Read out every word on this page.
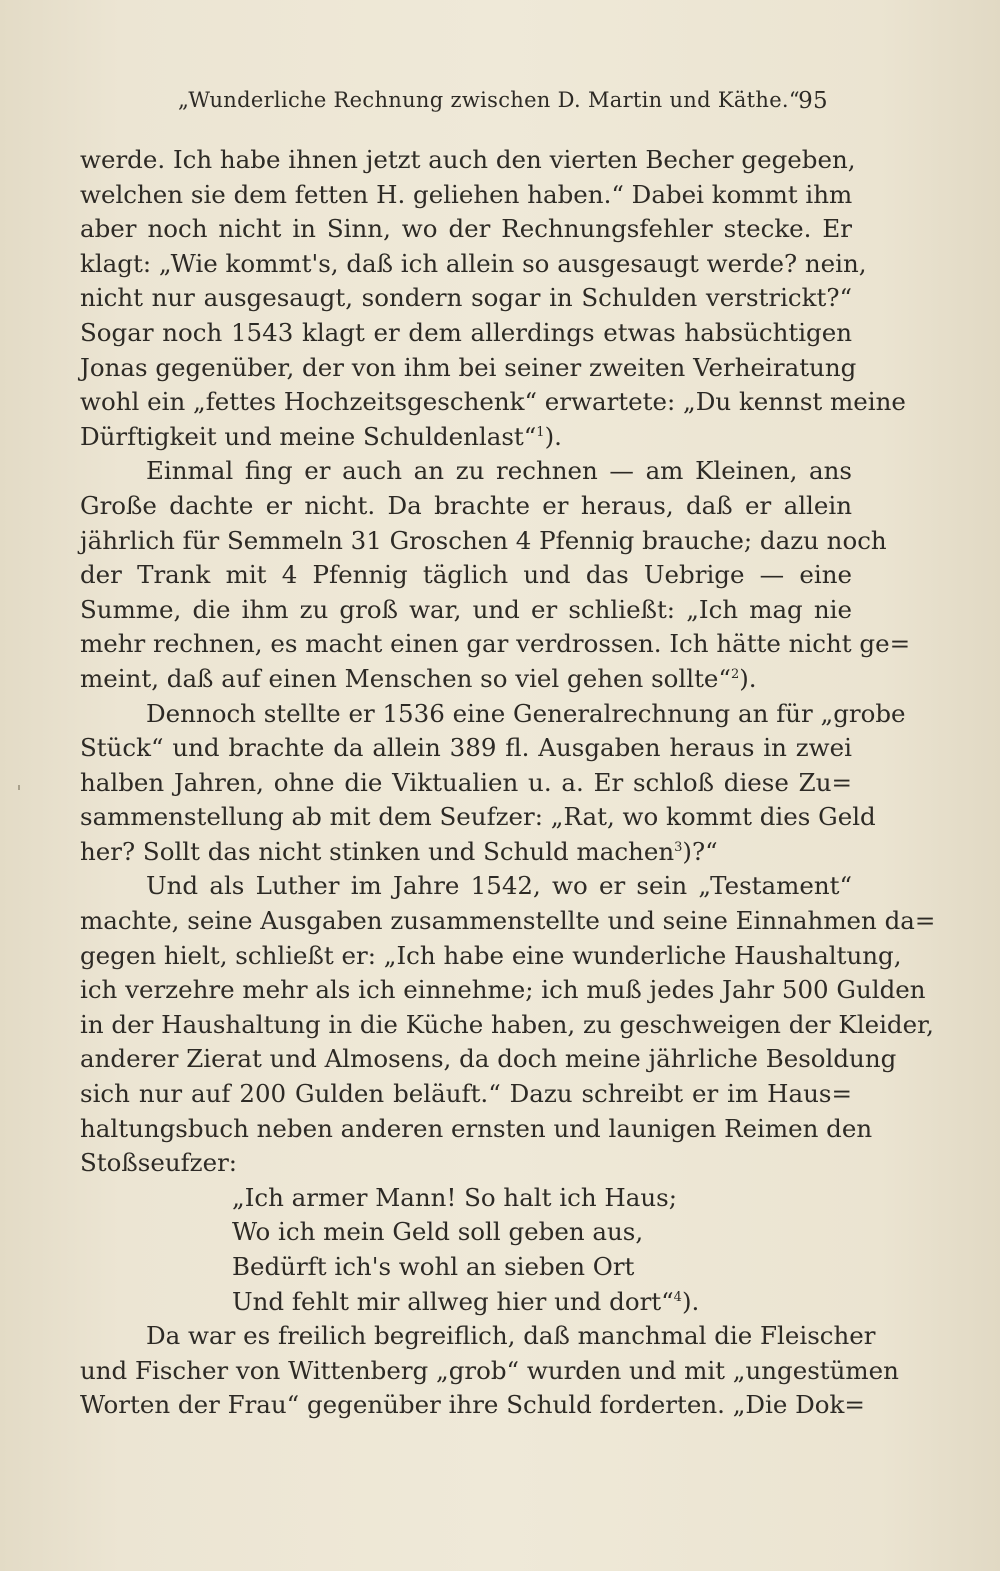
„Wunderliche Rechnung zwischen D. Martin und Käthe.“
95
werde. Ich habe ihnen jetzt auch den vierten Becher gegeben,
welchen sie dem fetten H. geliehen haben.“ Dabei kommt ihm
aber noch nicht in Sinn, wo der Rechnungsfehler stecke. Er
klagt: „Wie kommt's, daß ich allein so ausgesaugt werde? nein,
nicht nur ausgesaugt, sondern sogar in Schulden verstrickt?“
Sogar noch 1543 klagt er dem allerdings etwas habsüchtigen
Jonas gegenüber, der von ihm bei seiner zweiten Verheiratung
wohl ein „fettes Hochzeitsgeschenk“ erwartete: „Du kennst meine
Dürftigkeit und meine Schuldenlast“$^1$).
Einmal fing er auch an zu rechnen — am Kleinen, ans
Große dachte er nicht. Da brachte er heraus, daß er allein
jährlich für Semmeln 31 Groschen 4 Pfennig brauche; dazu noch
der Trank mit 4 Pfennig täglich und das Uebrige — eine
Summe, die ihm zu groß war, und er schließt: „Ich mag nie
mehr rechnen, es macht einen gar verdrossen. Ich hätte nicht ge=
meint, daß auf einen Menschen so viel gehen sollte“$^2$).
Dennoch stellte er 1536 eine Generalrechnung an für „grobe
Stück“ und brachte da allein 389 fl. Ausgaben heraus in zwei
halben Jahren, ohne die Viktualien u. a. Er schloß diese Zu=
sammenstellung ab mit dem Seufzer: „Rat, wo kommt dies Geld
her? Sollt das nicht stinken und Schuld machen$^3$)?“
Und als Luther im Jahre 1542, wo er sein „Testament“
machte, seine Ausgaben zusammenstellte und seine Einnahmen da=
gegen hielt, schließt er: „Ich habe eine wunderliche Haushaltung,
ich verzehre mehr als ich einnehme; ich muß jedes Jahr 500 Gulden
in der Haushaltung in die Küche haben, zu geschweigen der Kleider,
anderer Zierat und Almosens, da doch meine jährliche Besoldung
sich nur auf 200 Gulden beläuft.“ Dazu schreibt er im Haus=
haltungsbuch neben anderen ernsten und launigen Reimen den
Stoßseufzer:
„Ich armer Mann! So halt ich Haus;
Wo ich mein Geld soll geben aus,
Bedürft ich's wohl an sieben Ort
Und fehlt mir allweg hier und dort“$^4$).
Da war es freilich begreiflich, daß manchmal die Fleischer
und Fischer von Wittenberg „grob“ wurden und mit „ungestümen
Worten der Frau“ gegenüber ihre Schuld forderten. „Die Dok=
